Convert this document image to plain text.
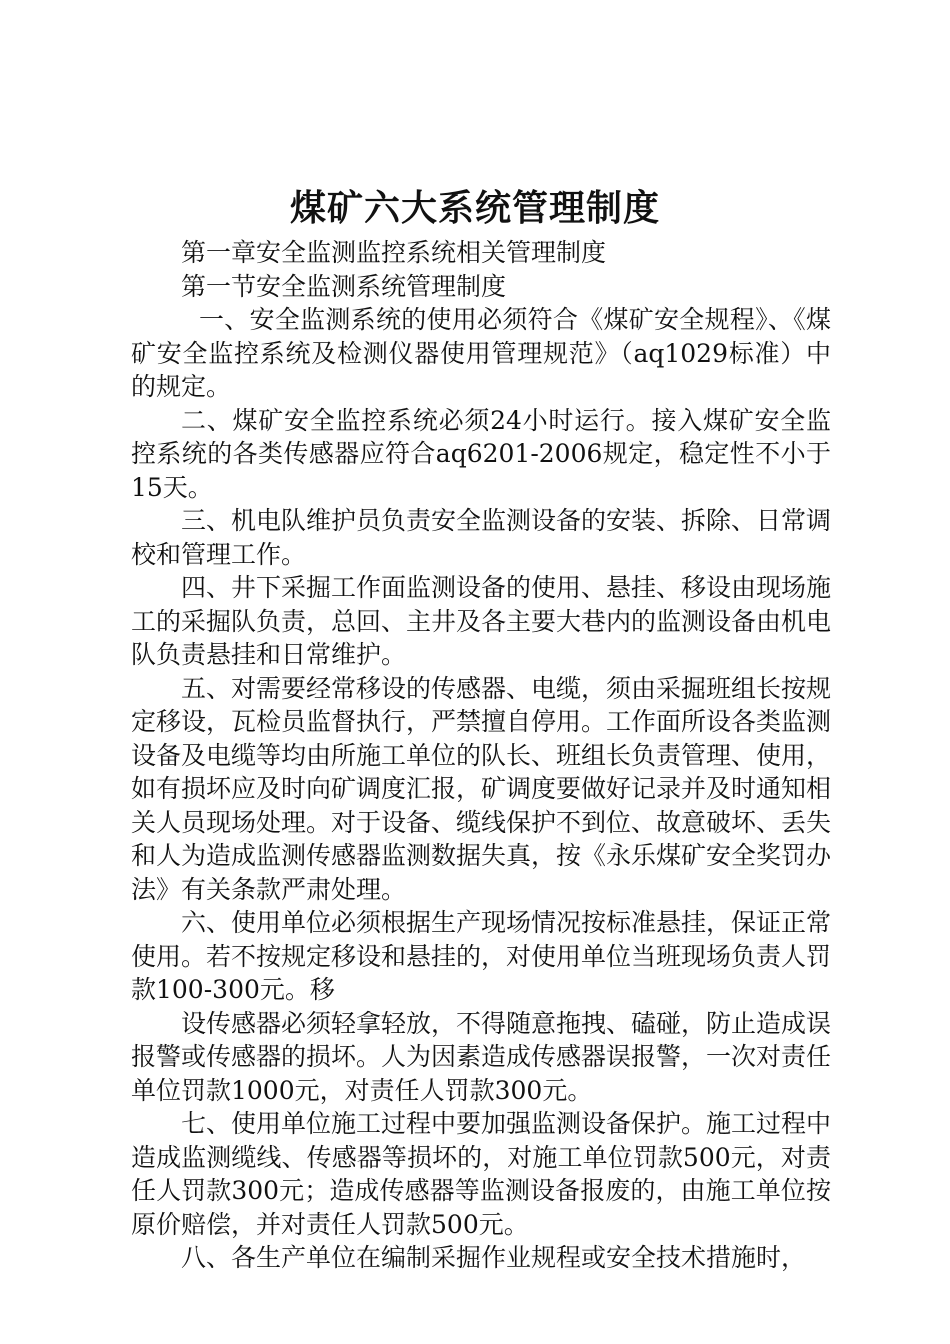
煤矿六大系统管理制度

第一章安全监测监控系统相关管理制度

第一节安全监测系统管理制度

一、安全监测系统的使用必须符合《煤矿安全规程》、《煤矿安全监控系统及检测仪器使用管理规范》（aq1029标准）中的规定。

二、煤矿安全监控系统必须24小时运行。接入煤矿安全监控系统的各类传感器应符合aq6201-2006规定，稳定性不小于15天。

三、机电队维护员负责安全监测设备的安装、拆除、日常调校和管理工作。

四、井下采掘工作面监测设备的使用、悬挂、移设由现场施工的采掘队负责，总回、主井及各主要大巷内的监测设备由机电队负责悬挂和日常维护。

五、对需要经常移设的传感器、电缆，须由采掘班组长按规定移设，瓦检员监督执行，严禁擅自停用。工作面所设各类监测设备及电缆等均由所施工单位的队长、班组长负责管理、使用，如有损坏应及时向矿调度汇报，矿调度要做好记录并及时通知相关人员现场处理。对于设备、缆线保护不到位、故意破坏、丢失和人为造成监测传感器监测数据失真，按《永乐煤矿安全奖罚办法》有关条款严肃处理。

六、使用单位必须根据生产现场情况按标准悬挂，保证正常使用。若不按规定移设和悬挂的，对使用单位当班现场负责人罚款100-300元。移

设传感器必须轻拿轻放，不得随意拖拽、磕碰，防止造成误报警或传感器的损坏。人为因素造成传感器误报警，一次对责任单位罚款1000元，对责任人罚款300元。

七、使用单位施工过程中要加强监测设备保护。施工过程中造成监测缆线、传感器等损坏的，对施工单位罚款500元，对责任人罚款300元；造成传感器等监测设备报废的，由施工单位按原价赔偿，并对责任人罚款500元。

八、各生产单位在编制采掘作业规程或安全技术措施时，
